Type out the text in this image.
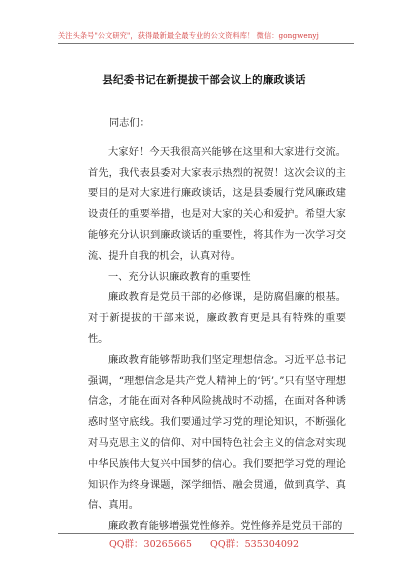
关注头条号"公文研究"，获得最新最全最专业的公文资料库！ 微信：gongwenyj
县纪委书记在新提拔干部会议上的廉政谈话

同志们：

大家好！今天我很高兴能够在这里和大家进行交流。首先，我代表县委对大家表示热烈的祝贺！这次会议的主要目的是对大家进行廉政谈话，这是县委履行党风廉政建设责任的重要举措，也是对大家的关心和爱护。希望大家能够充分认识到廉政谈话的重要性，将其作为一次学习交流、提升自我的机会，认真对待。

一、充分认识廉政教育的重要性

廉政教育是党员干部的必修课，是防腐倡廉的根基。对于新提拔的干部来说，廉政教育更是具有特殊的重要性。

廉政教育能够帮助我们坚定理想信念。习近平总书记强调，“理想信念是共产党人精神上的‘钙’。”只有坚守理想信念，才能在面对各种风险挑战时不动摇，在面对各种诱惑时坚守底线。我们要通过学习党的理论知识，不断强化对马克思主义的信仰、对中国特色社会主义的信念对实现中华民族伟大复兴中国梦的信心。我们要把学习党的理论知识作为终身课题，深学细悟、融会贯通，做到真学、真信、真用。

廉政教育能够增强党性修养。党性修养是党员干部的

QQ群：30265665 QQ群：535304092
